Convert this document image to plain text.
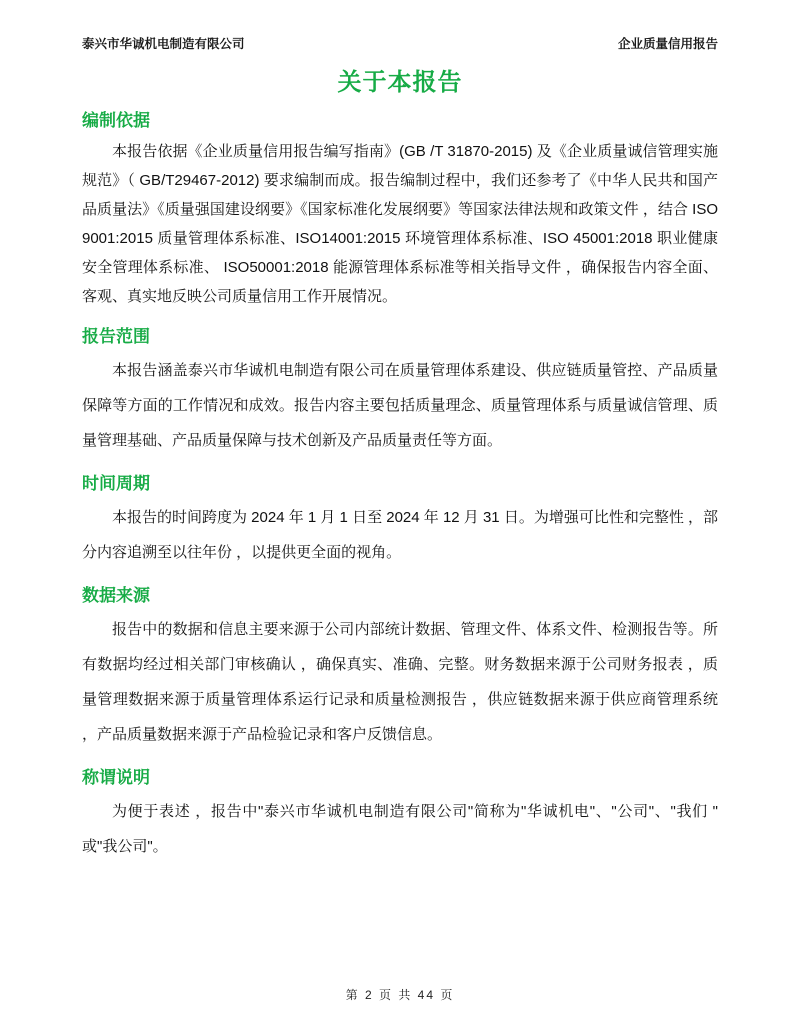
泰兴市华诚机电制造有限公司	企业质量信用报告
关于本报告
编制依据

本报告依据《企业质量信用报告编写指南》(GB /T 31870-2015) 及《企业质量诚信管理实施规范》（ GB/T29467-2012) 要求编制而成。报告编制过程中，我们还参考了《中华人民共和国产品质量法》《质量强国建设纲要》《国家标准化发展纲要》等国家法律法规和政策文件 ，结合 ISO 9001:2015 质量管理体系标准、ISO14001:2015 环境管理体系标准、ISO 45001:2018 职业健康安全管理体系标准、 ISO50001:2018 能源管理体系标准等相关指导文件 ，确保报告内容全面、客观、真实地反映公司质量信用工作开展情况。

报告范围

本报告涵盖泰兴市华诚机电制造有限公司在质量管理体系建设、供应链质量管控、产品质量保障等方面的工作情况和成效。报告内容主要包括质量理念、质量管理体系与质量诚信管理、质量管理基础、产品质量保障与技术创新及产品质量责任等方面。

时间周期

本报告的时间跨度为 2024 年 1 月 1 日至 2024 年 12 月 31 日。为增强可比性和完整性 ，部分内容追溯至以往年份 ，以提供更全面的视角。

数据来源

报告中的数据和信息主要来源于公司内部统计数据、管理文件、体系文件、检测报告等。所有数据均经过相关部门审核确认 ，确保真实、准确、完整。财务数据来源于公司财务报表 ，质量管理数据来源于质量管理体系运行记录和质量检测报告 ，供应链数据来源于供应商管理系统 ，产品质量数据来源于产品检验记录和客户反馈信息。

称谓说明

为便于表述 ，报告中"泰兴市华诚机电制造有限公司"简称为"华诚机电"、"公司"、"我们 " 或"我公司"。

第 2 页 共 44 页
